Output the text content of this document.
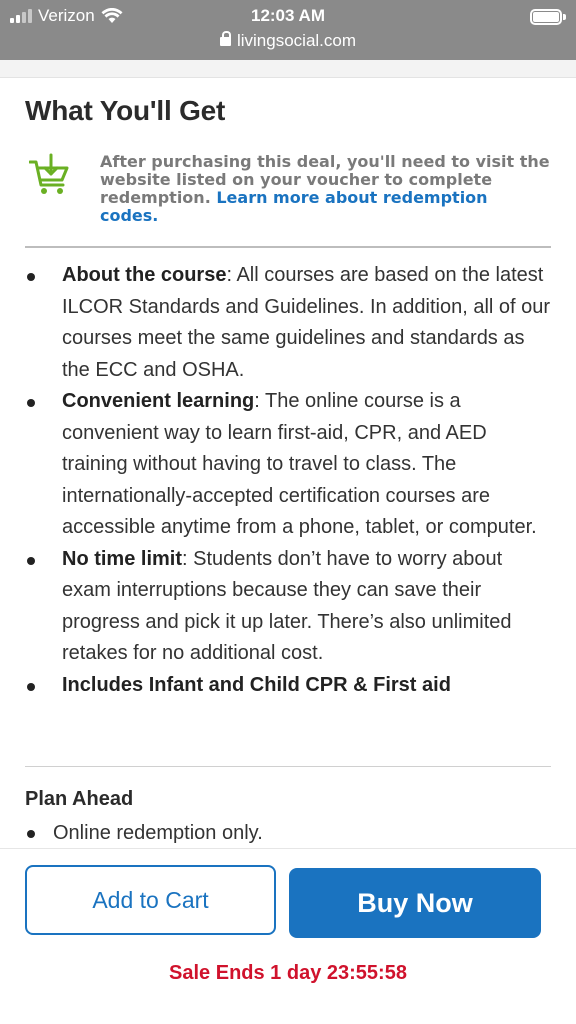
Verizon	12:03 AM
livingsocial.com
What You'll Get
After purchasing this deal, you'll need to visit the website listed on your voucher to complete redemption. Learn more about redemption codes.
About the course: All courses are based on the latest ILCOR Standards and Guidelines. In addition, all of our courses meet the same guidelines and standards as the ECC and OSHA.
Convenient learning: The online course is a convenient way to learn first-aid, CPR, and AED training without having to travel to class. The internationally-accepted certification courses are accessible anytime from a phone, tablet, or computer.
No time limit: Students don’t have to worry about exam interruptions because they can save their progress and pick it up later. There’s also unlimited retakes for no additional cost.
Includes Infant and Child CPR & First aid
Plan Ahead
Online redemption only.
Add to Cart	Buy Now
Sale Ends 1 day 23:55:58
